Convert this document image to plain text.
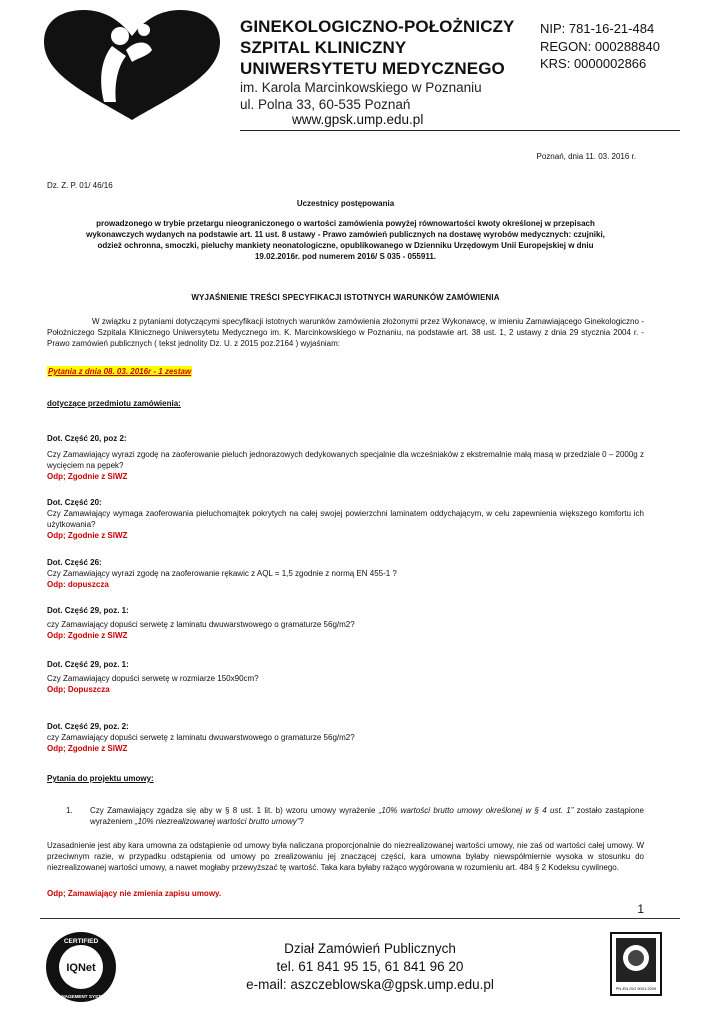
GINEKOLOGICZNO-POŁOŻNICZY
SZPITAL KLINICZNY
UNIWERSYTETU MEDYCZNEGO
im. Karola Marcinkowskiego w Poznaniu
ul. Polna 33, 60-535 Poznań
NIP: 781-16-21-484
REGON: 000288840
KRS: 0000002866
www.gpsk.ump.edu.pl
Poznań, dnia 11. 03. 2016 r.
Dz. Z. P. 01/ 46/16
Uczestnicy postępowania
prowadzonego w trybie przetargu nieograniczonego o wartości zamówienia powyżej równowartości kwoty określonej w przepisach
wykonawczych wydanych na podstawie art. 11 ust. 8 ustawy - Prawo zamówień publicznych na dostawę wyrobów medycznych: czujniki,
odzież ochronna, smoczki, pieluchy mankiety neonatologiczne, opublikowanego w Dzienniku Urzędowym Unii Europejskiej w dniu
19.02.2016r. pod numerem 2016/ S 035 - 055911.
WYJAŚNIENIE TREŚCI SPECYFIKACJI ISTOTNYCH WARUNKÓW ZAMÓWIENIA
W związku z pytaniami dotyczącymi specyfikacji istotnych warunków zamówienia złożonymi przez Wykonawcę, w imieniu Zamawiającego Ginekologiczno - Położniczego Szpitala Klinicznego Uniwersytetu Medycznego im. K. Marcinkowskiego w Poznaniu, na podstawie art. 38 ust. 1, 2 ustawy z dnia 29 stycznia 2004 r. - Prawo zamówień publicznych ( tekst jednolity Dz. U. z 2015 poz.2164 ) wyjaśniam:
Pytania z dnia 08. 03. 2016r - 1 zestaw
dotyczące przedmiotu zamówienia:
Dot. Część 20, poz 2:
Czy Zamawiający wyrazi zgodę na zaoferowanie pieluch jednorazowych dedykowanych specjalnie dla wcześniaków z ekstremalnie małą masą w przedziale 0 – 2000g z wycięciem na pępek?
Odp; Zgodnie z SIWZ
Dot. Część 20:
Czy Zamawiający wymaga zaoferowania pieluchomajtek pokrytych na całej swojej powierzchni laminatem oddychającym, w celu zapewnienia większego komfortu ich użytkowania?
Odp; Zgodnie z SIWZ
Dot. Część 26:
Czy Zamawiający wyrazi zgodę na zaoferowanie rękawic z AQL = 1,5 zgodnie z normą EN 455-1 ?
Odp: dopuszcza
Dot. Część 29, poz. 1:
czy Zamawiający dopuści serwetę z laminatu dwuwarstwowego o gramaturze 56g/m2?
Odp: Zgodnie z SIWZ
Dot. Część 29, poz. 1:
Czy Zamawiający dopuści serwetę w rozmiarze 150x90cm?
Odp; Dopuszcza
Dot. Część 29, poz. 2:
czy Zamawiający dopuści serwetę z laminatu dwuwarstwowego o gramaturze 56g/m2?
Odp; Zgodnie z SIWZ
Pytania do projektu umowy:
1. Czy Zamawiający zgadza się aby w § 8 ust. 1 lit. b) wzoru umowy wyrażenie „10% wartości brutto umowy określonej w § 4 ust. 1” zostało zastąpione wyrażeniem „10% niezrealizowanej wartości brutto umowy”?
Uzasadnienie jest aby kara umowna za odstąpienie od umowy była naliczana proporcjonalnie do niezrealizowanej wartości umowy, nie zaś od wartości całej umowy. W przeciwnym razie, w przypadku odstąpienia od umowy po zrealizowaniu jej znaczącej części, kara umowna byłaby niewspółmiernie wysoka w stosunku do niezrealizowanej wartości umowy, a nawet mogłaby przewyższać tę wartość. Taka kara byłaby rażąco wygórowana w rozumieniu art. 484 § 2 Kodeksu cywilnego.
Odp; Zamawiający nie zmienia zapisu umowy.
1
CERTIFIED
IQNet
MANAGEMENT SYSTEM
Dział Zamówień Publicznych
tel. 61 841 95 15, 61 841 96 20
e-mail: aszczeblowska@gpsk.ump.edu.pl	PN-EN ISO 9001:2009
